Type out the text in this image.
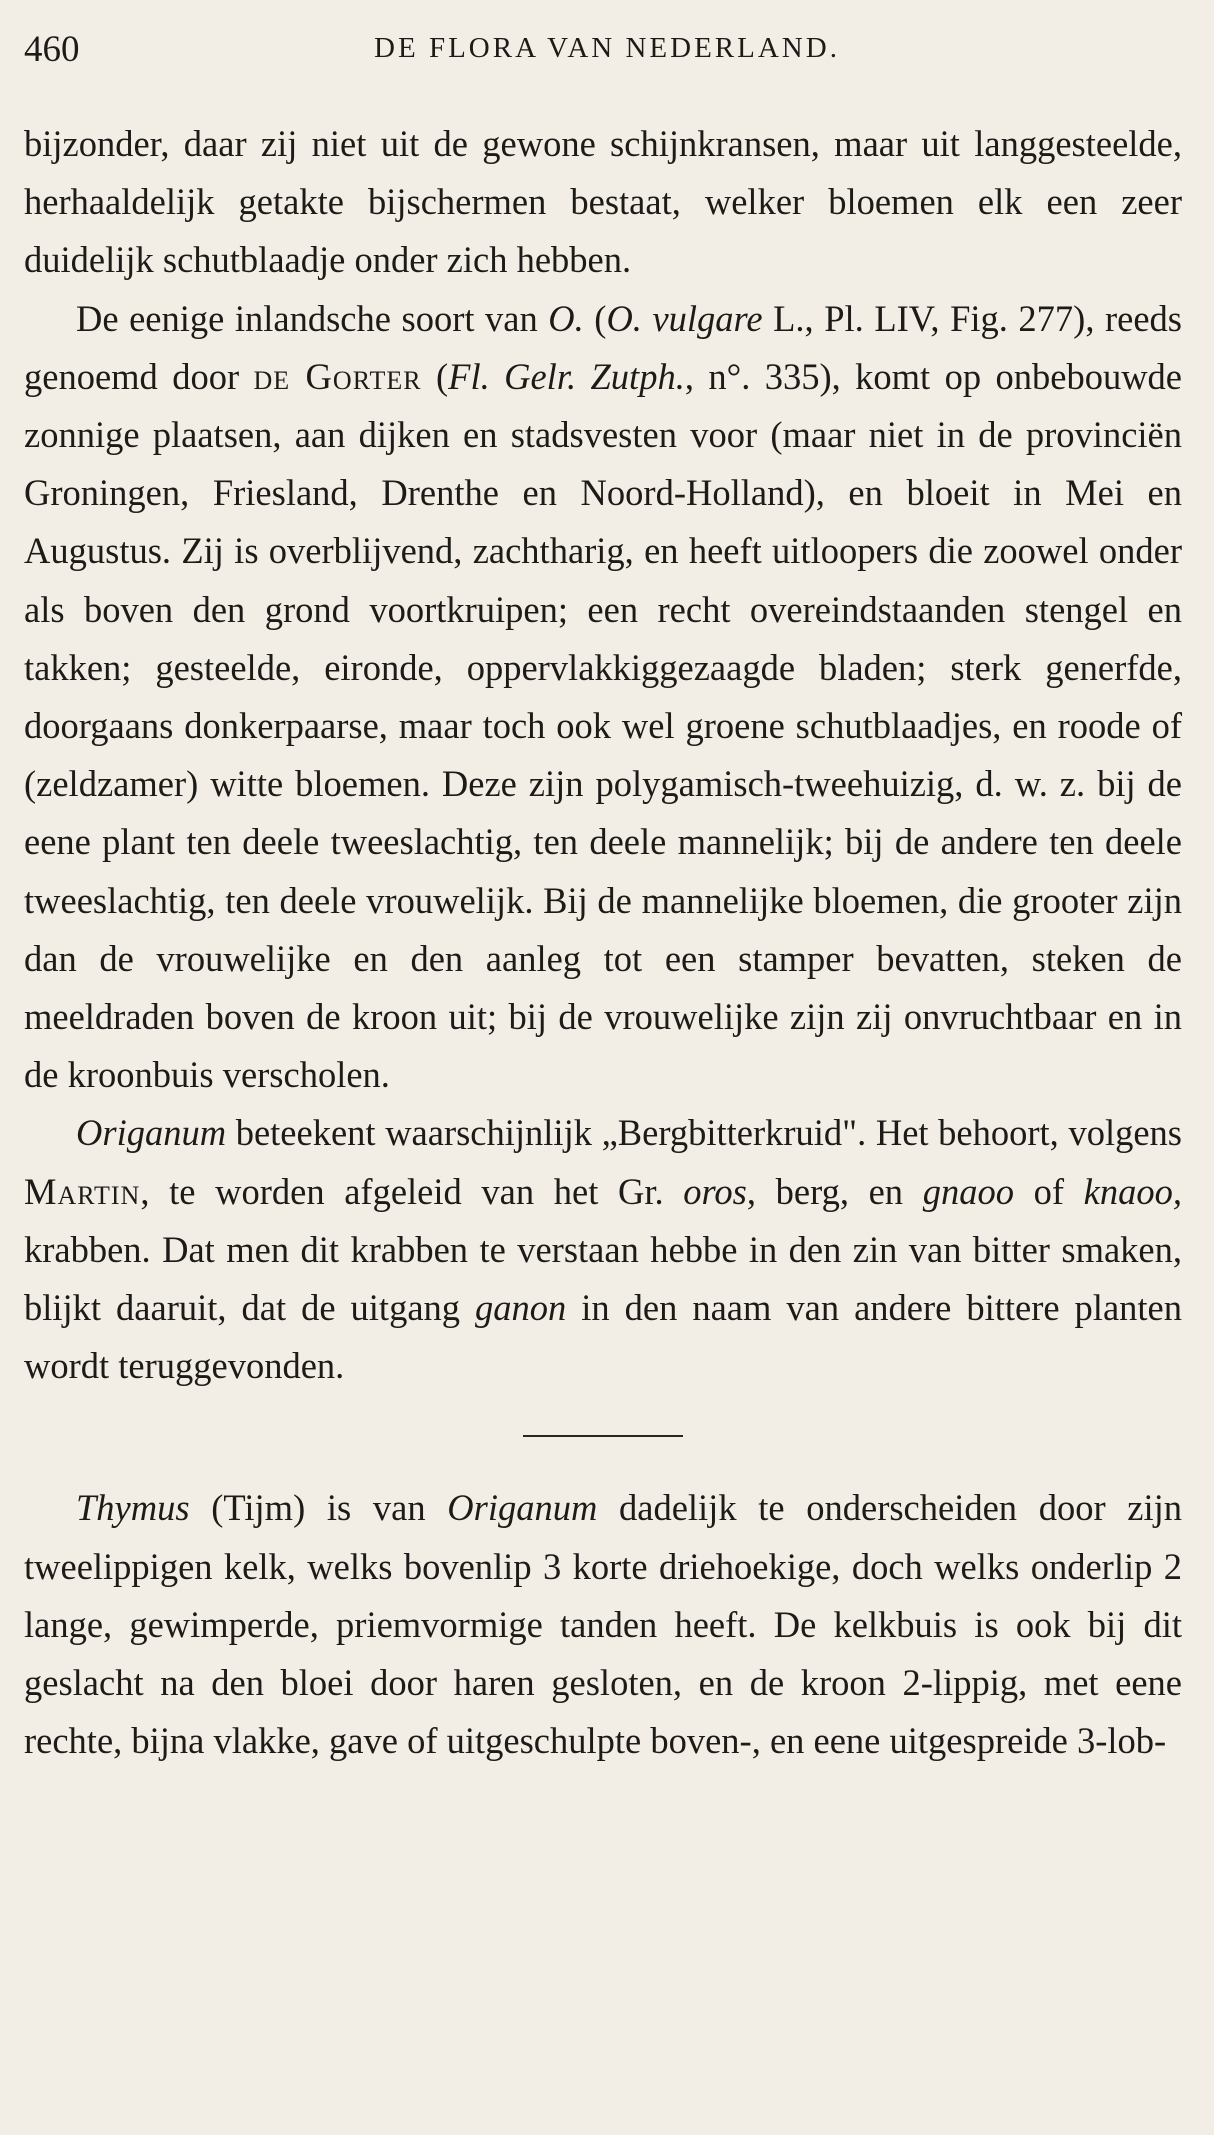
460	DE FLORA VAN NEDERLAND.

bijzonder, daar zij niet uit de gewone schijnkransen, maar uit langgesteelde, herhaaldelijk getakte bijschermen bestaat, welker bloemen elk een zeer duidelijk schutblaadje onder zich hebben.

De eenige inlandsche soort van O. (O. vulgare L., Pl. LIV, Fig. 277), reeds genoemd door de Gorter (Fl. Gelr. Zutph., n°. 335), komt op onbebouwde zonnige plaatsen, aan dijken en stadsvesten voor (maar niet in de provinciën Groningen, Friesland, Drenthe en Noord-Holland), en bloeit in Mei en Augustus. Zij is overblijvend, zachtharig, en heeft uitloopers die zoowel onder als boven den grond voortkruipen; een recht overeindstaanden stengel en takken; gesteelde, eironde, oppervlakkiggezaagde bladen; sterk generfde, doorgaans donkerpaarse, maar toch ook wel groene schutblaadjes, en roode of (zeldzamer) witte bloemen. Deze zijn polygamisch-tweehuizig, d. w. z. bij de eene plant ten deele tweeslachtig, ten deele mannelijk; bij de andere ten deele tweeslachtig, ten deele vrouwelijk. Bij de mannelijke bloemen, die grooter zijn dan de vrouwelijke en den aanleg tot een stamper bevatten, steken de meeldraden boven de kroon uit; bij de vrouwelijke zijn zij onvruchtbaar en in de kroonbuis verscholen.

Origanum beteekent waarschijnlijk „Bergbitterkruid". Het behoort, volgens Martin, te worden afgeleid van het Gr. oros, berg, en gnaoo of knaoo, krabben. Dat men dit krabben te verstaan hebbe in den zin van bitter smaken, blijkt daaruit, dat de uitgang ganon in den naam van andere bittere planten wordt teruggevonden.

Thymus (Tijm) is van Origanum dadelijk te onderscheiden door zijn tweelippigen kelk, welks bovenlip 3 korte driehoekige, doch welks onderlip 2 lange, gewimperde, priemvormige tanden heeft. De kelkbuis is ook bij dit geslacht na den bloei door haren gesloten, en de kroon 2-lippig, met eene rechte, bijna vlakke, gave of uitgeschulpte boven-, en eene uitgespreide 3-lob-
